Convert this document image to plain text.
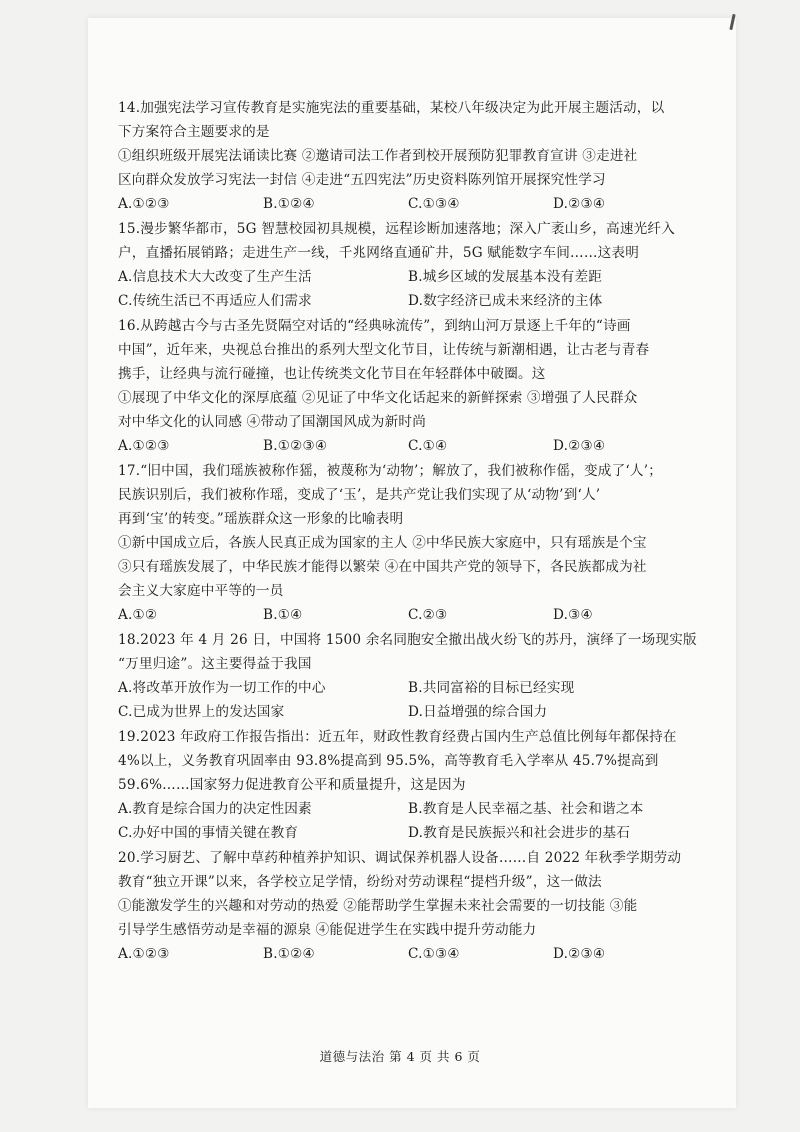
14.加强宪法学习宣传教育是实施宪法的重要基础，某校八年级决定为此开展主题活动，以
下方案符合主题要求的是
①组织班级开展宪法诵读比赛 ②邀请司法工作者到校开展预防犯罪教育宣讲 ③走进社
区向群众发放学习宪法一封信 ④走进“五四宪法”历史资料陈列馆开展探究性学习
A.①②③	B.①②④	C.①③④	D.②③④
15.漫步繁华都市，5G 智慧校园初具规模，远程诊断加速落地；深入广袤山乡，高速光纤入
户，直播拓展销路；走进生产一线，千兆网络直通矿井，5G 赋能数字车间……这表明
A.信息技术大大改变了生产生活	B.城乡区域的发展基本没有差距
C.传统生活已不再适应人们需求	D.数字经济已成未来经济的主体
16.从跨越古今与古圣先贤隔空对话的“经典咏流传”，到纳山河万景逐上千年的“诗画
中国”，近年来，央视总台推出的系列大型文化节目，让传统与新潮相遇，让古老与青春
携手，让经典与流行碰撞，也让传统类文化节目在年轻群体中破圈。这
①展现了中华文化的深厚底蕴 ②见证了中华文化话起来的新鲜探索 ③增强了人民群众
对中华文化的认同感 ④带动了国潮国风成为新时尚
A.①②③	B.①②③④	C.①④	D.②③④
17.“旧中国，我们瑶族被称作猺，被蔑称为‘动物’；解放了，我们被称作傜，变成了‘人’；
民族识别后，我们被称作瑶，变成了‘玉’，是共产党让我们实现了从‘动物’到‘人’
再到‘宝’的转变。”瑶族群众这一形象的比喻表明
①新中国成立后，各族人民真正成为国家的主人 ②中华民族大家庭中，只有瑶族是个宝
③只有瑶族发展了，中华民族才能得以繁荣 ④在中国共产党的领导下，各民族都成为社
会主义大家庭中平等的一员
A.①②	B.①④	C.②③	D.③④
18.2023 年 4 月 26 日，中国将 1500 余名同胞安全撤出战火纷飞的苏丹，演绎了一场现实版
“万里归途”。这主要得益于我国
A.将改革开放作为一切工作的中心	B.共同富裕的目标已经实现
C.已成为世界上的发达国家	D.日益增强的综合国力
19.2023 年政府工作报告指出：近五年，财政性教育经费占国内生产总值比例每年都保持在
4%以上，义务教育巩固率由 93.8%提高到 95.5%，高等教育毛入学率从 45.7%提高到
59.6%……国家努力促进教育公平和质量提升，这是因为
A.教育是综合国力的决定性因素	B.教育是人民幸福之基、社会和谐之本
C.办好中国的事情关键在教育	D.教育是民族振兴和社会进步的基石
20.学习厨艺、了解中草药种植养护知识、调试保养机器人设备……自 2022 年秋季学期劳动
教育“独立开课”以来，各学校立足学情，纷纷对劳动课程“提档升级”，这一做法
①能激发学生的兴趣和对劳动的热爱 ②能帮助学生掌握未来社会需要的一切技能 ③能
引导学生感悟劳动是幸福的源泉 ④能促进学生在实践中提升劳动能力
A.①②③	B.①②④	C.①③④	D.②③④
道德与法治 第 4 页 共 6 页
